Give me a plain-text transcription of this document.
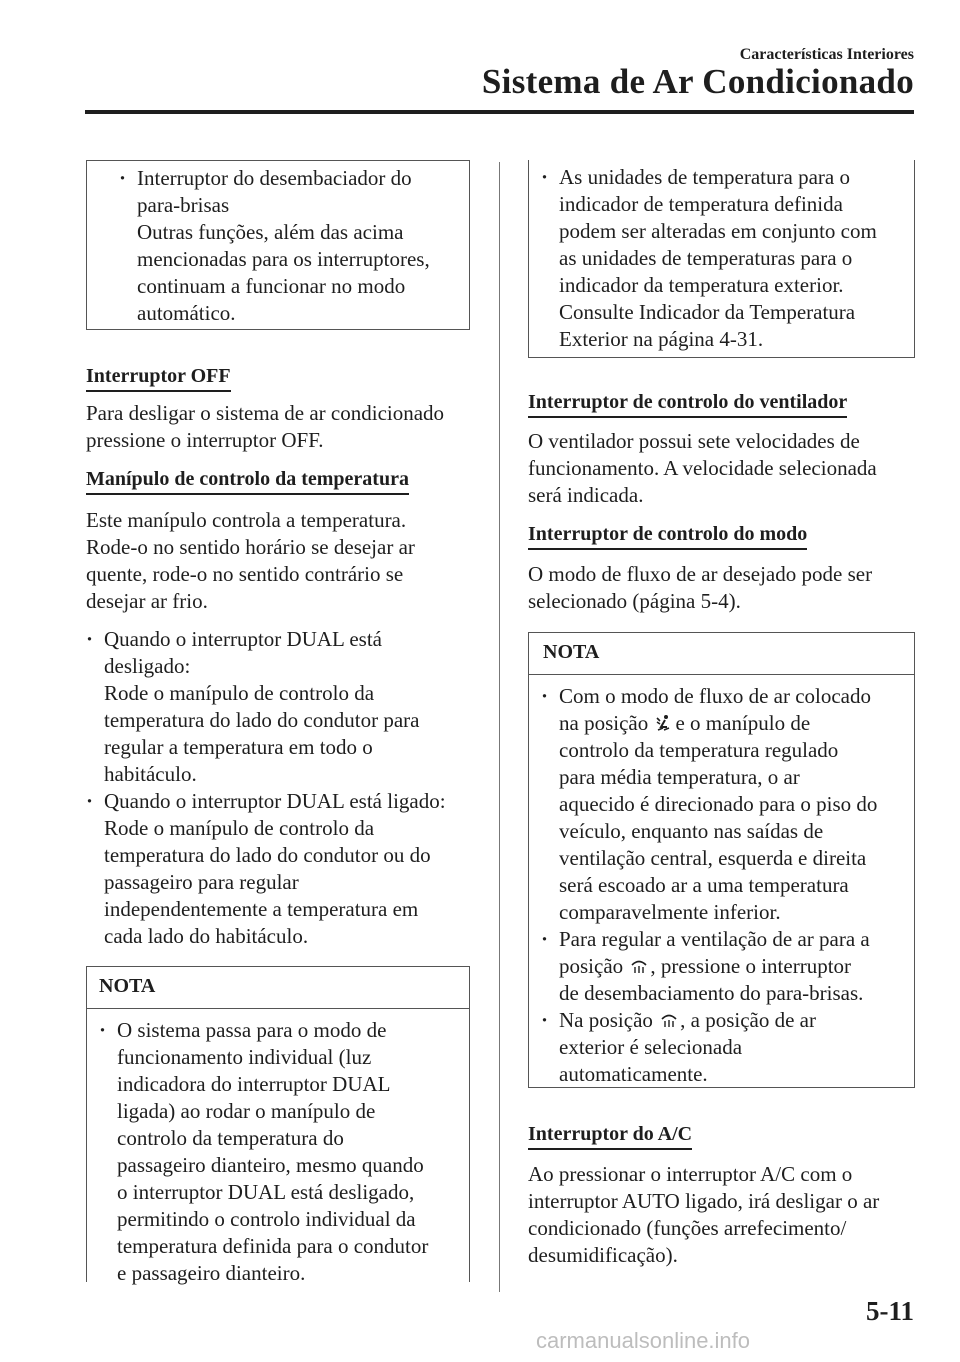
Características Interiores
Sistema de Ar Condicionado
· Interruptor do desembaciador do
para-brisas
Outras funções, além das acima
mencionadas para os interruptores,
continuam a funcionar no modo
automático.
Interruptor OFF
Para desligar o sistema de ar condicionado
pressione o interruptor OFF.
Manípulo de controlo da temperatura
Este manípulo controla a temperatura.
Rode-o no sentido horário se desejar ar
quente, rode-o no sentido contrário se
desejar ar frio.
· Quando o interruptor DUAL está
desligado:
Rode o manípulo de controlo da
temperatura do lado do condutor para
regular a temperatura em todo o
habitáculo.
· Quando o interruptor DUAL está ligado:
Rode o manípulo de controlo da
temperatura do lado do condutor ou do
passageiro para regular
independentemente a temperatura em
cada lado do habitáculo.
NOTA
· O sistema passa para o modo de
funcionamento individual (luz
indicadora do interruptor DUAL
ligada) ao rodar o manípulo de
controlo da temperatura do
passageiro dianteiro, mesmo quando
o interruptor DUAL está desligado,
permitindo o controlo individual da
temperatura definida para o condutor
e passageiro dianteiro.
· As unidades de temperatura para o
indicador de temperatura definida
podem ser alteradas em conjunto com
as unidades de temperaturas para o
indicador da temperatura exterior.
Consulte Indicador da Temperatura
Exterior na página 4-31.
Interruptor de controlo do ventilador
O ventilador possui sete velocidades de
funcionamento. A velocidade selecionada
será indicada.
Interruptor de controlo do modo
O modo de fluxo de ar desejado pode ser
selecionado (página 5-4).
NOTA
· Com o modo de fluxo de ar colocado
na posição e o manípulo de
controlo da temperatura regulado
para média temperatura, o ar
aquecido é direcionado para o piso do
veículo, enquanto nas saídas de
ventilação central, esquerda e direita
será escoado ar a uma temperatura
comparavelmente inferior.
· Para regular a ventilação de ar para a
posição , pressione o interruptor
de desembaciamento do para-brisas.
· Na posição , a posição de ar
exterior é selecionada
automaticamente.
Interruptor do A/C
Ao pressionar o interruptor A/C com o
interruptor AUTO ligado, irá desligar o ar
condicionado (funções arrefecimento/
desumidificação).
5-11
carmanualsonline.info
